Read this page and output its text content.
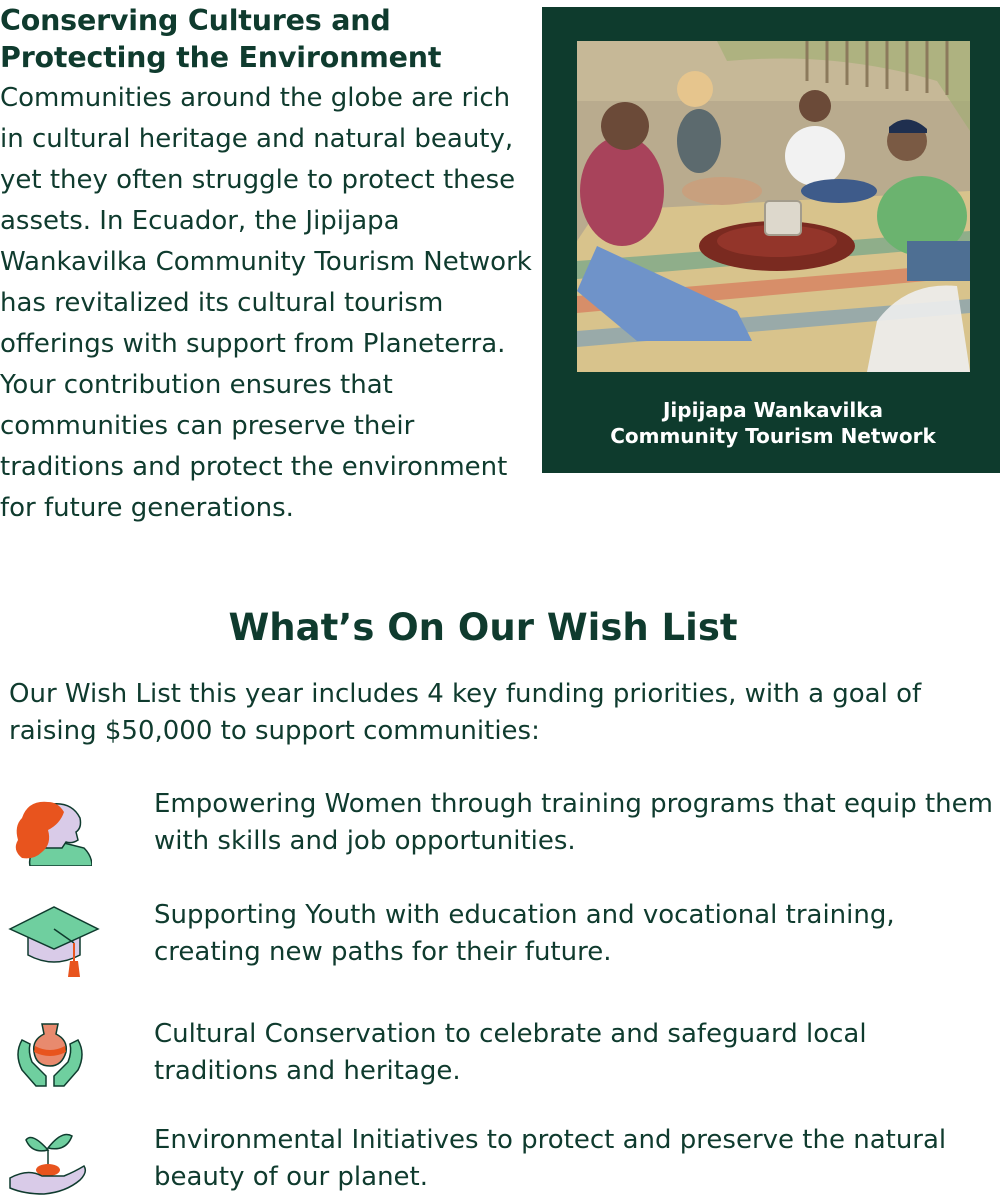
Conserving Cultures and
Protecting the Environment

Communities around the globe are rich in cultural heritage and natural beauty, yet they often struggle to protect these assets. In Ecuador, the Jipijapa Wankavilka Community Tourism Network has revitalized its cultural tourism offerings with support from Planeterra. Your contribution ensures that communities can preserve their traditions and protect the environment for future generations.

Jipijapa Wankavilka
Community Tourism Network
What’s On Our Wish List

Our Wish List this year includes 4 key funding priorities, with a goal of raising $50,000 to support communities:

Empowering Women through training programs that equip them with skills and job opportunities.

Supporting Youth with education and vocational training, creating new paths for their future.

Cultural Conservation to celebrate and safeguard local traditions and heritage.

Environmental Initiatives to protect and preserve the natural beauty of our planet.
